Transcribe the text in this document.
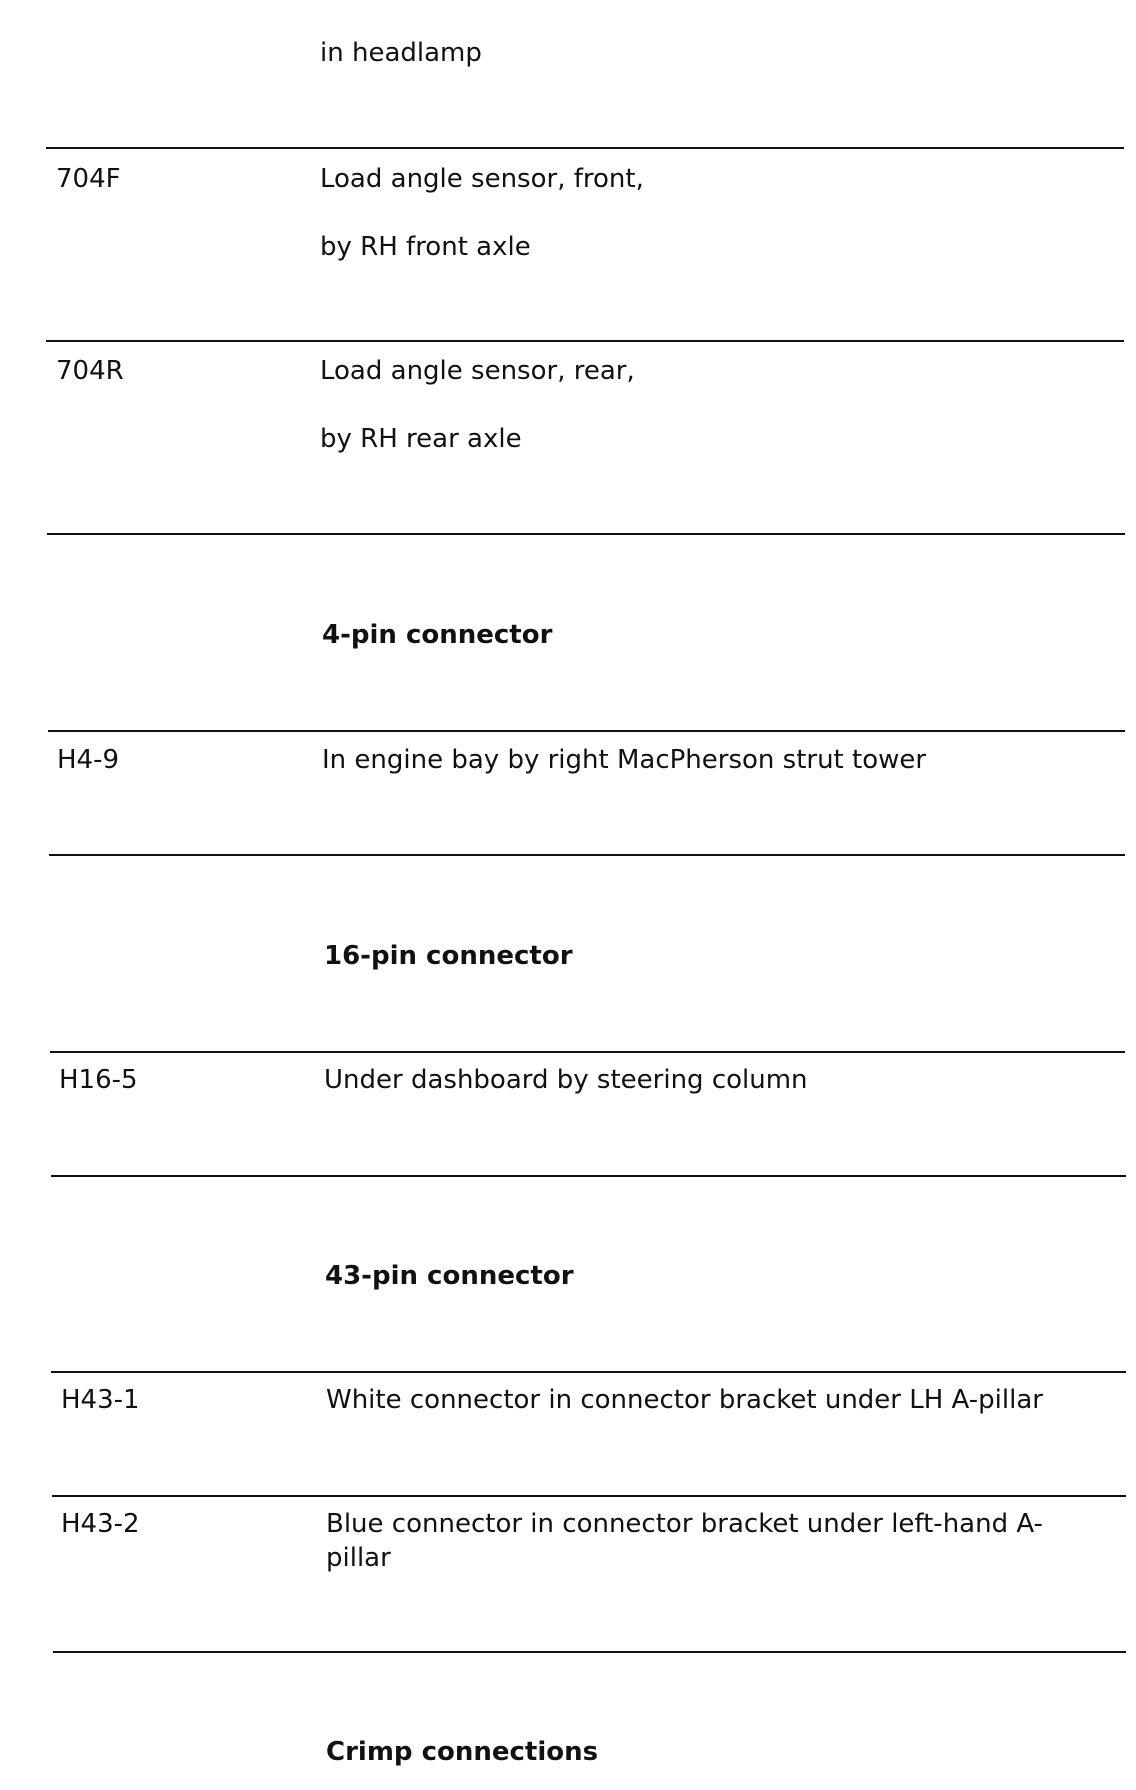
in headlamp

704F	Load angle sensor, front,

by RH front axle

704R	Load angle sensor, rear,

by RH rear axle

4-pin connector

H4-9	In engine bay by right MacPherson strut tower

16-pin connector

H16-5	Under dashboard by steering column

43-pin connector

H43-1	White connector in connector bracket under LH A-pillar

H43-2	Blue connector in connector bracket under left-hand A-

pillar

Crimp connections
